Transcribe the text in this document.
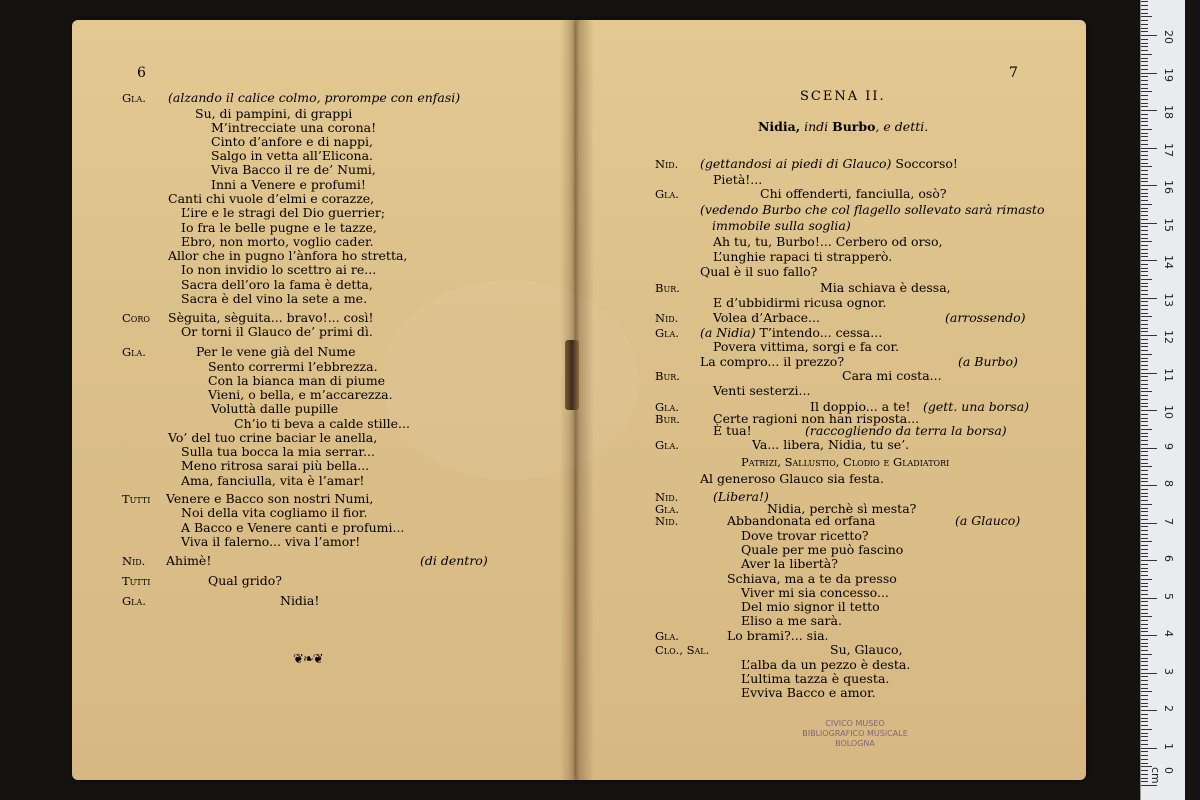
6
Gla. (alzando il calice colmo, prorompe con enfasi)
Su, di pampini, di grappi
M’intrecciate una corona!
Cinto d’anfore e di nappi,
Salgo in vetta all’Elicona.
Viva Bacco il re de’ Numi,
Inni a Venere e profumi!
Canti chi vuole d’elmi e corazze,
L’ire e le stragi del Dio guerrier;
Io fra le belle pugne e le tazze,
Ebro, non morto, voglio cader.
Allor che in pugno l’ànfora ho stretta,
Io non invidio lo scettro ai re...
Sacra dell’oro la fama è detta,
Sacra è del vino la sete a me.
Coro Sèguita, sèguita... bravo!... così!
Or torni il Glauco de’ primi dì.
Gla.	Per le vene già del Nume
Sento correrm​i l’ebbrezza.
Con la bianca man di piume
Vieni, o bella, e m’accarezza.
Voluttà dalle pupille
Ch’io ti beva a calde stille...
Vo’ del tuo crine baciar le anella,
Sulla tua bocca la mia serrar...
Meno ritrosa sarai più bella...
Ama, fanciulla, vita è l’amar!
Tutti Venere e Bacco son nostri Numi,
Noi della vita cogliamo il fior.
A Bacco e Venere canti e profumi...
Viva il falerno... viva l’amor!
Nid. Ahimè!	(di dentro)
Tutti	Qual grido?
Gla.	Nidia!
❦❧❦
7
SCENA II.
Nidia, indi Burbo, e detti.
Nid. (gettandosi ai piedi di Glauco) Soccorso!
Pietà!...
Gla.	Chi offenderti, fanciulla, osò?
(vedendo Burbo che col flagello sollevato sarà rimasto
immobile sulla soglia)
Ah tu, tu, Burbo!... Cerbero od orso,
L’unghie rapaci ti strapperò.
Qual è il suo fallo?
Bur.	Mia schiava è dessa,
E d’ubbidirmi ricusa ognor.
Nid.	Volea d’Arbace...	(arrossendo)
Gla. (a Nidia) T’intendo... cessa...
Povera vittima, sorgi e fa cor.
La compro... il prezzo?	(a Burbo)
Bur.	Cara mi costa...
Venti sesterzi...
Gla.	Il doppio... a te! (gett. una borsa)
Bur.	Certe ragioni non han risposta...
È tua!	(raccogliendo da terra la borsa)
Gla.	Va... libera, Nidia, tu se’.
Patrizi, Sallustio, Clodio e Gladiatori
Al generoso Glauco sia festa.
Nid.	(Libera!)
Gla.	Nidia, perchè sì mesta?
Nid.	Abbandonata ed orfana	(a Glauco)
Dove trovar ricetto?
Quale per me può fascino
Aver la libertà?
Schiava, ma a te da presso
Viver mi sia concesso...
Del mio signor il tetto
Eliso a me sarà.
Gla.	Lo brami?... sia.
Clo., Sal.	Su, Glauco,
L’alba da un pezzo è desta.
L’ultima tazza è questa.
Evviva Bacco e amor.
CIVICO MUSEO
BIBLIOGRAFICO MUSICALE
BOLOGNA
0 cm
1
2
3
4
5
6
7
8
9
10
11
12
13
14
15
16
17
18
19
20
